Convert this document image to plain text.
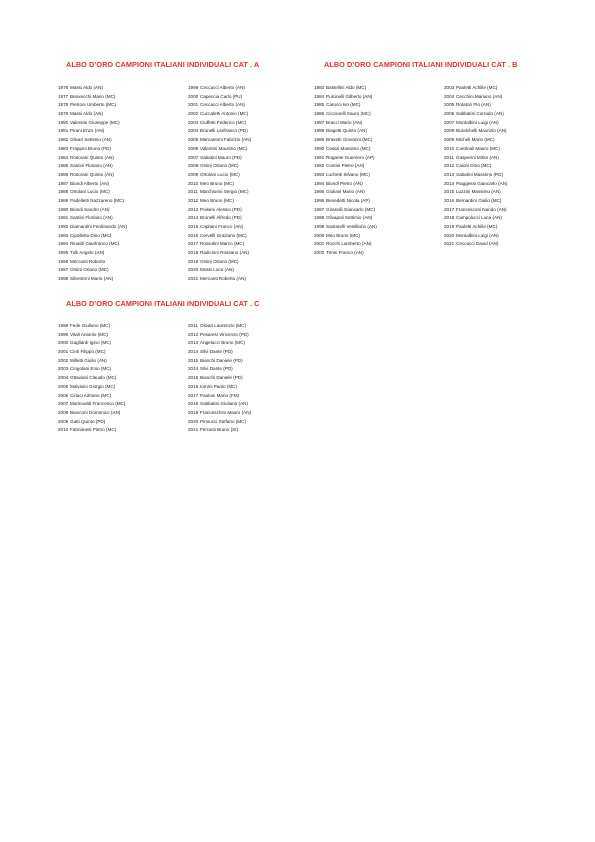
ALBO D’ORO CAMPIONI ITALIANI INDIVIDUALI CAT . A
1976 Massi Aldo (AN)
1977 Benvecchi Mario (MC)
1978 Pietroni Umberto (MC)
1979 Massi Aldo (AN)
1980 Valentini Giuseppe (MC)
1981 Pirani Enzo (AN)
1982 Olivari Settimio (AN)
1983 Frappini Bruno (PD)
1984 Rosorani Quinto (AN)
1985 Santini Floriano (AN)
1986 Rosorani Quinto (AN)
1987 Biondi Alberto (AN)
1988 Ortolani Lucio (MC)
1989 Padelletti Nazzareno (MC)
1990 Biondi Sandro (AN)
1991 Santini Floriano (AN)
1992 Diamantini Ferdinando (AN)
1993 Cipolletta Dino (MC)
1994 Rinaldi Gianfranco (MC)
1995 Tulli Angelo (AN)
1996 Mercanti Roberto
1997 Orsini Oriano (MC)
1998 Silvestrini Mario (AN)
1999 Ceccacci Alberto (AN)
2000 Capeccia Carlo (PU)
2001 Ceccacci Alberto (AN)
2002 Cuccaletti Antonio (MC)
2003 Ciuffetti Federico (MC)
2004 Brunelli Lanfranco (PD)
2005 Marcantoni Fabrizio (AN)
2006 Valentini Maurizio (MC)
2007 Sabatini Mauro (PD)
2008 Orsini Oriano (MC)
2009 Ortolani Lucio (MC)
2010 Meo Bruno (MC)
2011 Marchionni Sergio (MC)
2012 Meo Bruno (MC)
2013 Poiseni Alessio (PD)
2014 Brunelli Alfredo (PD)
2015 Capitani Franco (AN)
2016 Cervelli Graziano (MC)
2017 Rossolini Marco (MC)
2018 Radicioni Rossano (AN)
2019 Orsini Oriano (MC)
2020 Mossi Luca (AN)
2021 Mercanti Roberto (AN)
ALBO D’ORO CAMPIONI ITALIANI INDIVIDUALI CAT . B
1983 Bastellini Aldo (MC)
1984 Pulcinelli Gilberto (AN)
1985 Carucci Ivo (MC)
1986 Cicconelli Sauro (MC)
1987 Bracci Mario (AN)
1988 Biagetti Quinto (AN)
1989 Bravetti Giovanni (MC)
1990 Cesari Massimo (MC)
1991 Rogante Guerriero (AP)
1992 Contini Pietro (AN)
1993 Luchetti Silvano (MC)
1994 Biondi Pietro (AN)
1995 Giuliani Mario (AN)
1996 Benedetti Nicola (AP)
1997 Girasolli Giancarlo (MC)
1998 Olivapoli Settimio (AN)
1999 Santarelli Vestiliano (AN)
2000 Meo Bruno (MC)
2001 Rocchi Lamberto (AN)
2002 Trinei Franco (AN)
2003 Paoletti Achille (MC)
2004 Cecchini Mariano (AN)
2005 Rotatori Pio (AN)
2006 Sabbatini Corrado (AN)
2007 Montalbini Luigi (AN)
2008 Buralchelli Maurizio (AN)
2009 Micheli Mario (MC)
2010 Cardinali Mauro (MC)
2011 Gasperini Mirko (AN)
2012 Caioni Dino (MC)
2013 Sabatini Massimo (PD)
2014 Piaggessi Giancarlo (AN)
2015 Luzzini Massimo (AN)
2016 Bernardini Giulio (MC)
2017 Francesconi Nando (AN)
2018 Campolucci Luca (AN)
2019 Paoletti Achille (MC)
2020 Montalbini Luigi (AN)
2021 Ceccacci David (AN)
ALBO D’ORO CAMPIONI ITALIANI INDIVIDUALI CAT . C
1998 Fede Giuliano (MC)
1999 Vitali Antonio (MC)
2000 Gagliardi Igino (MC)
2001 Cinti Filippo (MC)
2002 Milletti Giulio (AN)
2003 Cingolani Enio (MC)
2004 Ottaviani Claudio (MC)
2005 Malvisini Giorgio (MC)
2006 Ciriaci Adriano (MC)
2007 Marinnaldi Francesco (MC)
2008 Bianconi Domenico (AN)
2009 Gatti Quinto (PD)
2010 Fabrianesi Pietro (MC)
2011 Olivari Laurenzio (MC)
2012 Pesaresi Vincenzo (PD)
2013 Angelucci Bruno (MC)
2014 Silvi Dante (PD)
2015 Bianchi Daniele (PD)
2014 Silvi Dante (PD)
2015 Bianchi Daniele (PD)
2016 Iommi Paolo (MC)
2017 Paoloni Mario (FM)
2018 Sabbatini Giuliano (AN)
2019 Franceschini Mauro (AN)
2020 Pinnucci Stefano (MC)
2021 Ferranti Bruno (SI)
